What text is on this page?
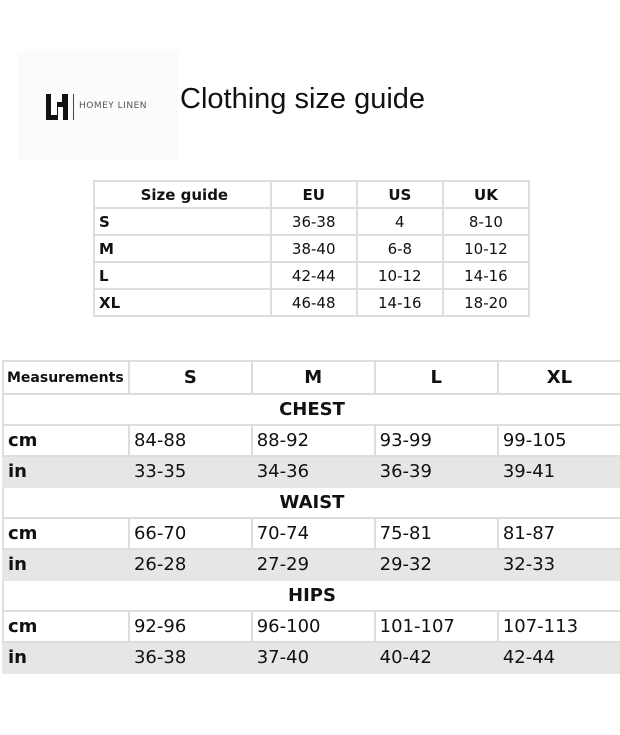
HOMEY LINEN Clothing size guide
Size guide	EU	US	UK
S	36-38	4	8-10
M	38-40	6-8	10-12
L	42-44	10-12	14-16
XL	46-48	14-16	18-20
Measurements	S	M	L	XL
CHEST				
cm	84-88	88-92	93-99	99-105
in	33-35	34-36	36-39	39-41
WAIST				
cm	66-70	70-74	75-81	81-87
in	26-28	27-29	29-32	32-33
HIPS				
cm	92-96	96-100	101-107	107-113
in	36-38	37-40	40-42	42-44
